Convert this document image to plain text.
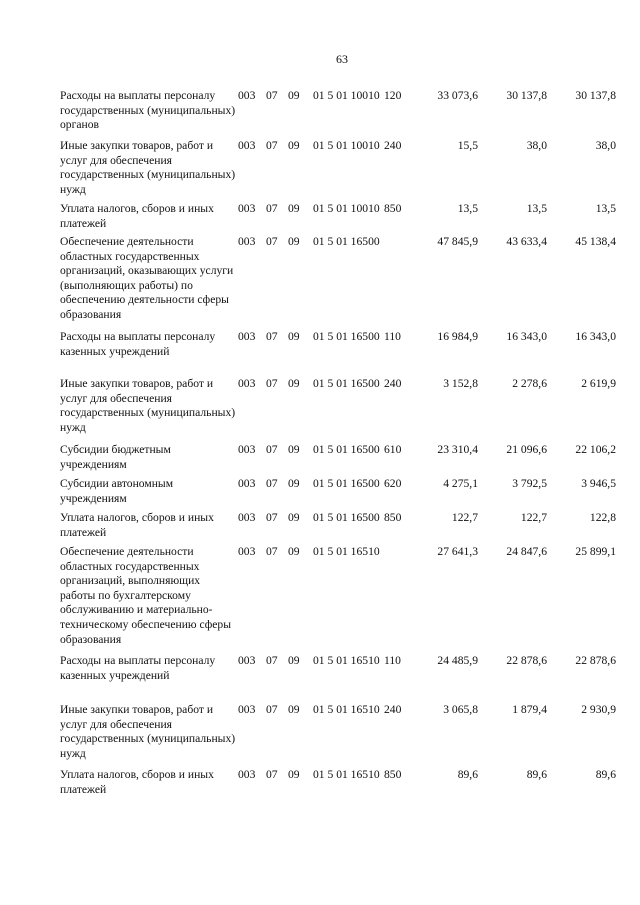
63
Расходы на выплаты персоналу государственных (муниципальных) органов
003 07 09 01 5 01 10010 120	33 073,6	30 137,8	30 137,8
Иные закупки товаров, работ и услуг для обеспечения государственных (муниципальных) нужд
003 07 09 01 5 01 10010 240	15,5	38,0	38,0
Уплата налогов, сборов и иных платежей
003 07 09 01 5 01 10010 850	13,5	13,5	13,5
Обеспечение деятельности областных государственных организаций, оказывающих услуги (выполняющих работы) по обеспечению деятельности сферы образования
003 07 09 01 5 01 16500	47 845,9	43 633,4	45 138,4
Расходы на выплаты персоналу казенных учреждений
003 07 09 01 5 01 16500 110	16 984,9	16 343,0	16 343,0
Иные закупки товаров, работ и услуг для обеспечения государственных (муниципальных) нужд
003 07 09 01 5 01 16500 240	3 152,8	2 278,6	2 619,9
Субсидии бюджетным учреждениям
003 07 09 01 5 01 16500 610	23 310,4	21 096,6	22 106,2
Субсидии автономным учреждениям
003 07 09 01 5 01 16500 620	4 275,1	3 792,5	3 946,5
Уплата налогов, сборов и иных платежей
003 07 09 01 5 01 16500 850	122,7	122,7	122,8
Обеспечение деятельности областных государственных организаций, выполняющих работы по бухгалтерскому обслуживанию и материально-техническому обеспечению сферы образования
003 07 09 01 5 01 16510	27 641,3	24 847,6	25 899,1
Расходы на выплаты персоналу казенных учреждений
003 07 09 01 5 01 16510 110	24 485,9	22 878,6	22 878,6
Иные закупки товаров, работ и услуг для обеспечения государственных (муниципальных) нужд
003 07 09 01 5 01 16510 240	3 065,8	1 879,4	2 930,9
Уплата налогов, сборов и иных платежей
003 07 09 01 5 01 16510 850	89,6	89,6	89,6
